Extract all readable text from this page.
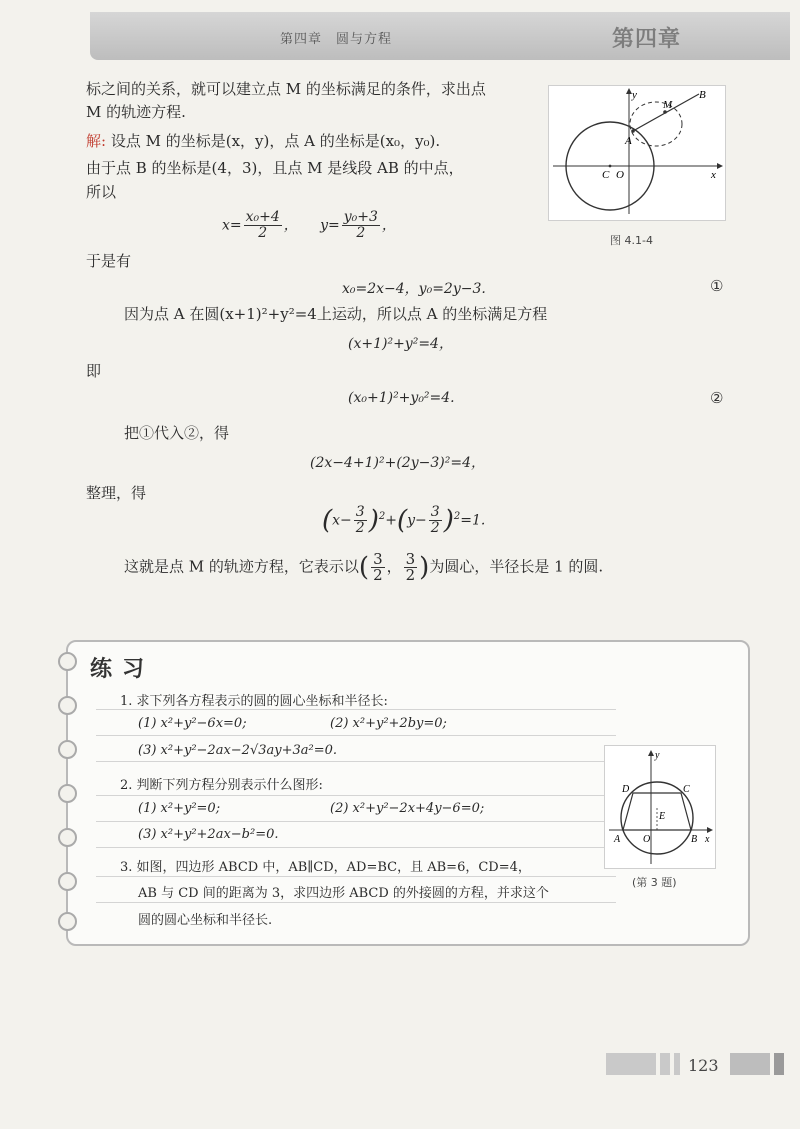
第四章　圆与方程	第四章
标之间的关系，就可以建立点 M 的坐标满足的条件，求出点
M 的轨迹方程.
解: 设点 M 的坐标是(x，y)，点 A 的坐标是(x₀，y₀).
由于点 B 的坐标是(4，3)，且点 M 是线段 AB 的中点，
所以
$x= \frac{\text{x₀+4}}{2}$ ，     $y= \frac{\text{y₀+3}}{2}$ ，
于是有
x₀=2x−4，y₀=2y−3.	①
因为点 A 在圆(x+1)²+y²=4上运动，所以点 A 的坐标满足方程
(x+1)²+y²=4，
即
(x₀+1)²+y₀²=4.	②
把①代入②，得
(2x−4+1)²+(2y−3)²=4，
整理，得
$(x- \frac{3}{2} )^2+(y- \frac{3}{2} )^2=1$.
这就是点 M 的轨迹方程，它表示以( $\frac{3}{2}$ ， $\frac{3}{2}$ )为圆心，半径长是 1 的圆.
y
x
M
B
A
C O
图 4.1-4
练习
1. 求下列各方程表示的圆的圆心坐标和半径长:
(1) x²+y²−6x=0;	(2) x²+y²+2by=0;
(3) x²+y²−2ax−2√3ay+3a²=0.
2. 判断下列方程分别表示什么图形:
(1) x²+y²=0;	(2) x²+y²−2x+4y−6=0;
(3) x²+y²+2ax−b²=0.
3. 如图，四边形 ABCD 中，AB∥CD，AD=BC，且 AB=6，CD=4，
AB 与 CD 间的距离为 3，求四边形 ABCD 的外接圆的方程，并求这个
圆的圆心坐标和半径长.
y
x
D	C
E
A O	B
(第 3 题)
123
